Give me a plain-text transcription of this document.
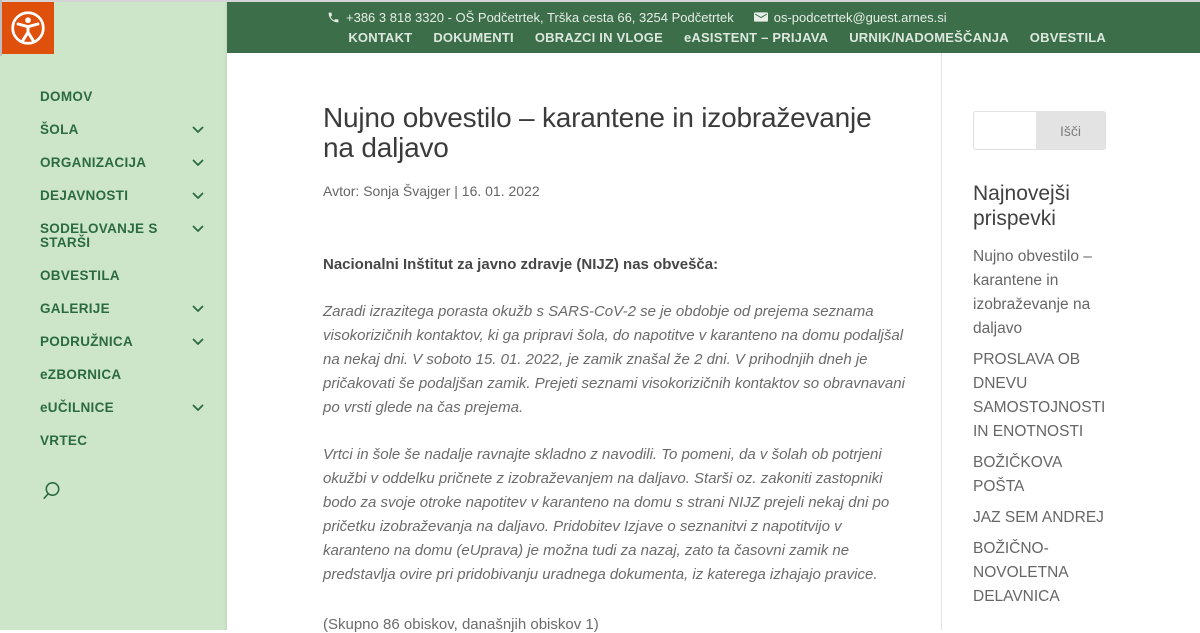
DOMOV
ŠOLA
ORGANIZACIJA
DEJAVNOSTI
SODELOVANJE S STARŠI
OBVESTILA
GALERIJE
PODRUŽNICA
eZBORNICA
eUČILNICE
VRTEC
+386 3 818 3320 - OŠ Podčetrtek, Trška cesta 66, 3254 Podčetrtek	os-podcetrtek@guest.arnes.si
KONTAKT DOKUMENTI OBRAZCI IN VLOGE eASISTENT – PRIJAVA URNIK/NADOMEŠČANJA OBVESTILA
Nujno obvestilo – karantene in izobraževanje na daljavo
Avtor: Sonja Švajger | 16. 01. 2022

Nacionalni Inštitut za javno zdravje (NIJZ) nas obvešča:

Zaradi izrazitega porasta okužb s SARS-CoV-2 se je obdobje od prejema seznama visokorizičnih kontaktov, ki ga pripravi šola, do napotitve v karanteno na domu podaljšal na nekaj dni. V soboto 15. 01. 2022, je zamik znašal že 2 dni. V prihodnjih dneh je pričakovati še podaljšan zamik. Prejeti seznami visokorizičnih kontaktov so obravnavani po vrsti glede na čas prejema.

Vrtci in šole še nadalje ravnajte skladno z navodili. To pomeni, da v šolah ob potrjeni okužbi v oddelku pričnete z izobraževanjem na daljavo. Starši oz. zakoniti zastopniki bodo za svoje otroke napotitev v karanteno na domu s strani NIJZ prejeli nekaj dni po pričetku izobraževanja na daljavo. Pridobitev Izjave o seznanitvi z napotitvijo v karanteno na domu (eUprava) je možna tudi za nazaj, zato ta časovni zamik ne predstavlja ovire pri pridobivanju uradnega dokumenta, iz katerega izhajajo pravice.

(Skupno 86 obiskov, današnjih obiskov 1)

Išči
Najnovejši prispevki
Nujno obvestilo – karantene in izobraževanje na daljavo
PROSLAVA OB DNEVU SAMOSTOJNOSTI IN ENOTNOSTI
BOŽIČKOVA POŠTA
JAZ SEM ANDREJ
BOŽIČNO-NOVOLETNA DELAVNICA
